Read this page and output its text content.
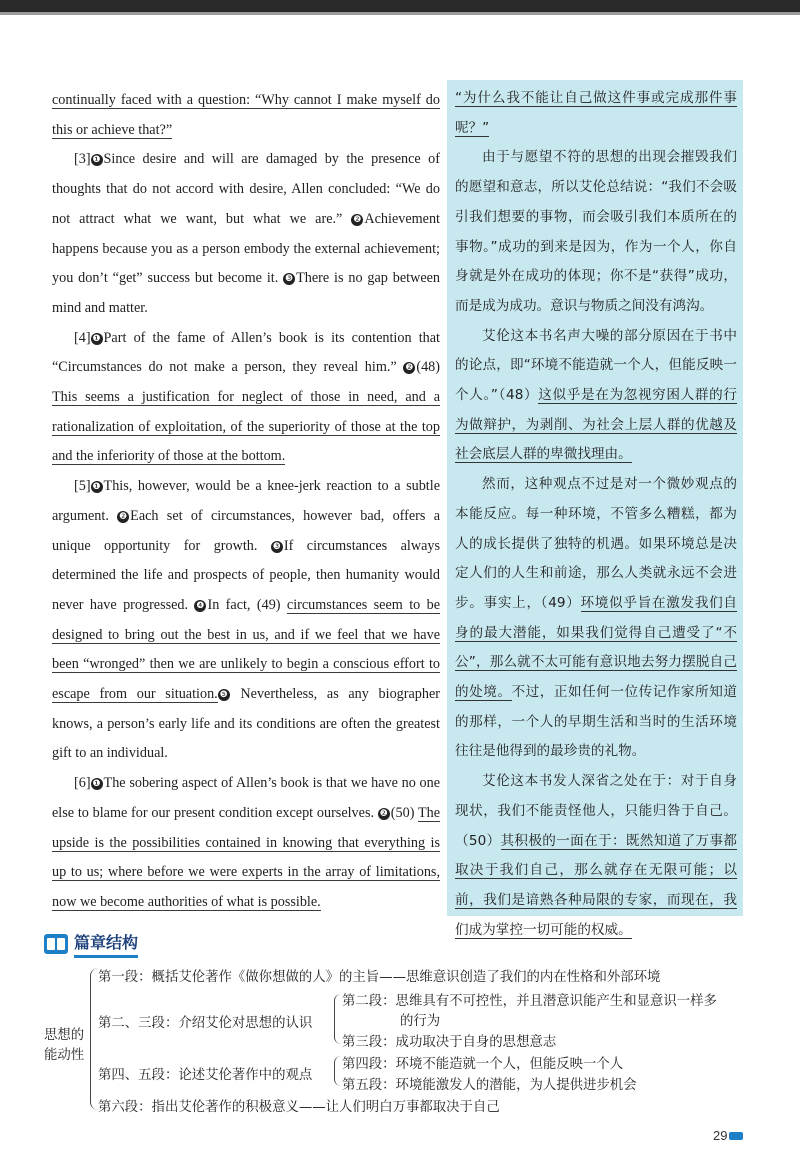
continually faced with a question: “Why cannot I make myself do this or achieve that?”

[3] ❶ Since desire and will are damaged by the presence of thoughts that do not accord with desire, Allen concluded: “We do not attract what we want, but what we are.” ❷ Achievement happens because you as a person embody the external achievement; you don’t “get” success but become it. ❸ There is no gap between mind and matter.

[4] ❶ Part of the fame of Allen’s book is its contention that “Circumstances do not make a person, they reveal him.” ❷ (48) This seems a justification for neglect of those in need, and a rationalization of exploitation, of the superiority of those at the top and the inferiority of those at the bottom.

[5] ❶ This, however, would be a knee-jerk reaction to a subtle argument. ❷ Each set of circumstances, however bad, offers a unique opportunity for growth. ❸ If circumstances always determined the life and prospects of people, then humanity would never have progressed. ❹ In fact, (49) circumstances seem to be designed to bring out the best in us, and if we feel that we have been “wronged” then we are unlikely to begin a conscious effort to escape from our situation. ❺ Nevertheless, as any biographer knows, a person’s early life and its conditions are often the greatest gift to an individual.

[6] ❶ The sobering aspect of Allen’s book is that we have no one else to blame for our present condition except ourselves. ❷ (50) The upside is the possibilities contained in knowing that everything is up to us; where before we were experts in the array of limitations, now we become authorities of what is possible.

“为什么我不能让自己做这件事或完成那件事呢？”

由于与愿望不符的思想的出现会摧毁我们的愿望和意志，所以艾伦总结说：“我们不会吸引我们想要的事物，而会吸引我们本质所在的事物。”成功的到来是因为，作为一个人，你自身就是外在成功的体现；你不是“获得”成功，而是成为成功。意识与物质之间没有鸿沟。

艾伦这本书名声大噪的部分原因在于书中的论点，即“环境不能造就一个人，但能反映一个人。”（48）这似乎是在为忽视穷困人群的行为做辩护，为剥削、为社会上层人群的优越及社会底层人群的卑微找理由。

然而，这种观点不过是对一个微妙观点的本能反应。每一种环境，不管多么糟糕，都为人的成长提供了独特的机遇。如果环境总是决定人们的人生和前途，那么人类就永远不会进步。事实上，（49）环境似乎旨在激发我们自身的最大潜能，如果我们觉得自己遭受了“不公”，那么就不太可能有意识地去努力摆脱自己的处境。不过，正如任何一位传记作家所知道的那样，一个人的早期生活和当时的生活环境往往是他得到的最珍贵的礼物。

艾伦这本书发人深省之处在于：对于自身现状，我们不能责怪他人，只能归咎于自己。（50）其积极的一面在于：既然知道了万事都取决于我们自己，那么就存在无限可能；以前，我们是谙熟各种局限的专家，而现在，我们成为掌控一切可能的权威。

篇章结构
思想的
能动性
第一段：概括艾伦著作《做你想做的人》的主旨——思维意识创造了我们的内在性格和外部环境
第二、三段：介绍艾伦对思想的认识
第二段：思维具有不可控性，并且潜意识能产生和显意识一样多
的行为
第三段：成功取决于自身的思想意志
第四、五段：论述艾伦著作中的观点
第四段：环境不能造就一个人，但能反映一个人
第五段：环境能激发人的潜能，为人提供进步机会
第六段：指出艾伦著作的积极意义——让人们明白万事都取决于自己
29
